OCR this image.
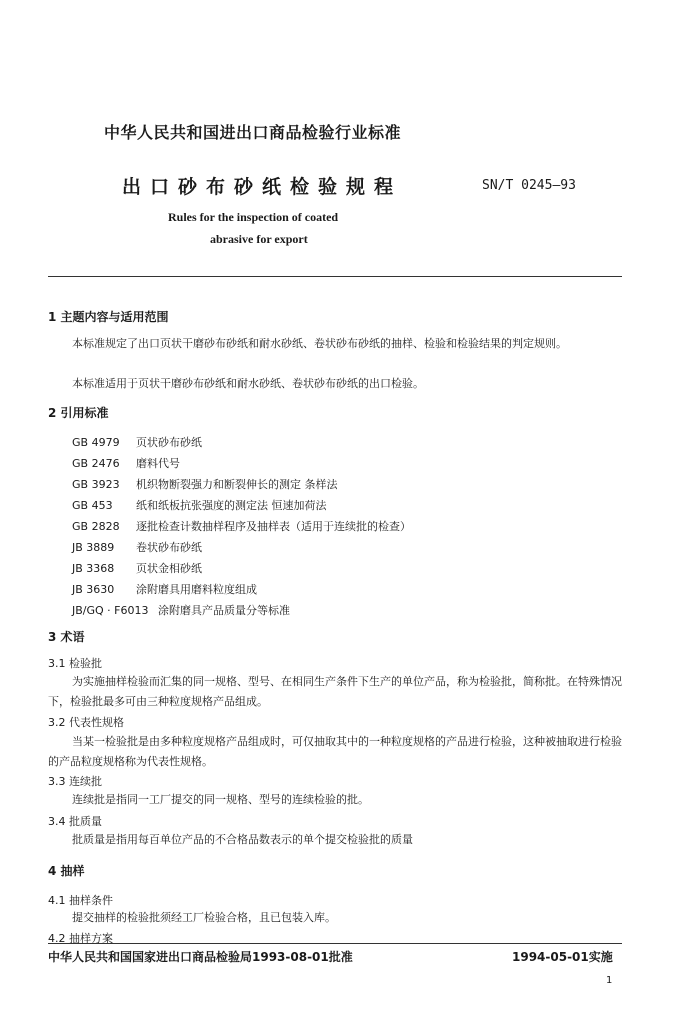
中华人民共和国进出口商品检验行业标准
出口砂布砂纸检验规程	SN/T 0245—93
Rules for the inspection of coated
abrasive for export
1 主题内容与适用范围
本标准规定了出口页状干磨砂布砂纸和耐水砂纸、卷状砂布砂纸的抽样、检验和检验结果的判定规则。
本标准适用于页状干磨砂布砂纸和耐水砂纸、卷状砂布砂纸的出口检验。
2 引用标准
GB 4979 页状砂布砂纸
GB 2476 磨料代号
GB 3923 机织物断裂强力和断裂伸长的测定 条样法
GB 453 纸和纸板抗张强度的测定法 恒速加荷法
GB 2828 逐批检查计数抽样程序及抽样表（适用于连续批的检查）
JB 3889 卷状砂布砂纸
JB 3368 页状金相砂纸
JB 3630 涂附磨具用磨料粒度组成
JB/GQ · F6013 涂附磨具产品质量分等标准
3 术语
3.1 检验批
为实施抽样检验而汇集的同一规格、型号、在相同生产条件下生产的单位产品，称为检验批，简称批。在特殊情况下，检验批最多可由三种粒度规格产品组成。
3.2 代表性规格
当某一检验批是由多种粒度规格产品组成时，可仅抽取其中的一种粒度规格的产品进行检验，这种被抽取进行检验的产品粒度规格称为代表性规格。
3.3 连续批
连续批是指同一工厂提交的同一规格、型号的连续检验的批。
3.4 批质量
批质量是指用每百单位产品的不合格品数表示的单个提交检验批的质量
4 抽样
4.1 抽样条件
提交抽样的检验批须经工厂检验合格，且已包装入库。
4.2 抽样方案
中华人民共和国国家进出口商品检验局1993-08-01批准	1994-05-01实施
1
